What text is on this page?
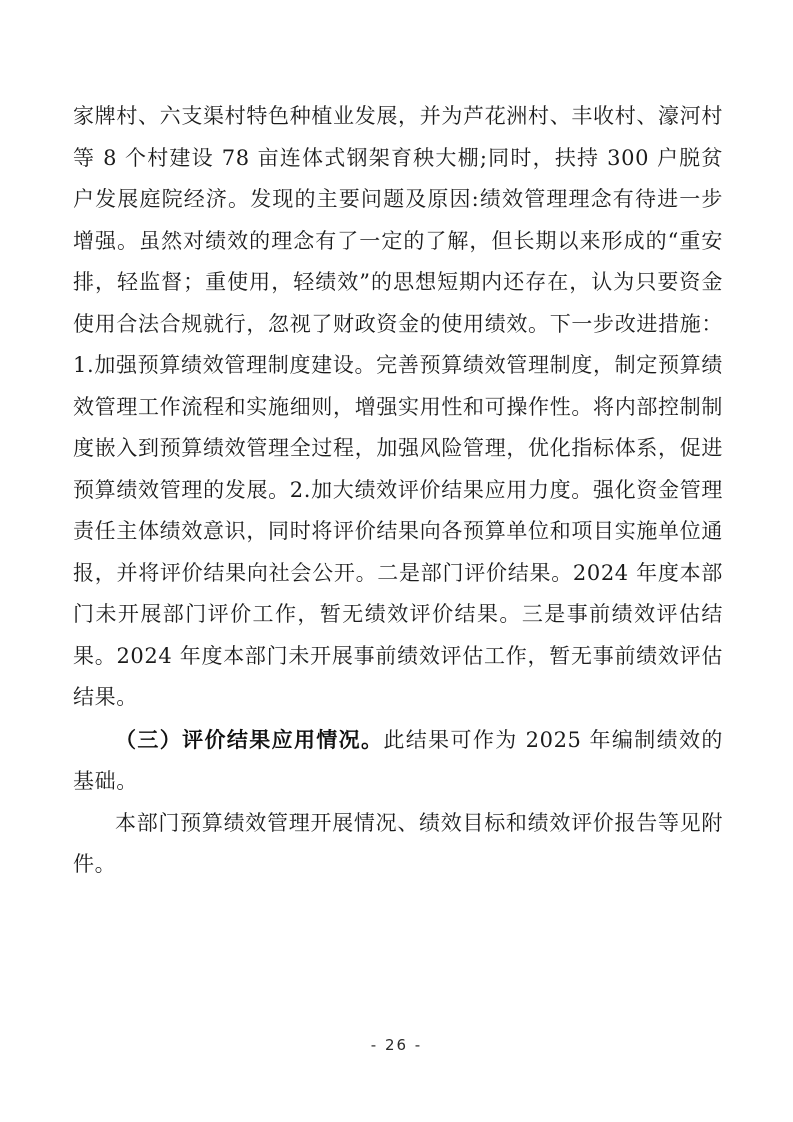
家牌村、六支渠村特色种植业发展，并为芦花洲村、丰收村、濠河村等 8 个村建设 78 亩连体式钢架育秧大棚;同时，扶持 300 户脱贫户发展庭院经济。发现的主要问题及原因:绩效管理理念有待进一步增强。虽然对绩效的理念有了一定的了解，但长期以来形成的“重安排，轻监督；重使用，轻绩效”的思想短期内还存在，认为只要资金使用合法合规就行，忽视了财政资金的使用绩效。下一步改进措施：1.加强预算绩效管理制度建设。完善预算绩效管理制度，制定预算绩效管理工作流程和实施细则，增强实用性和可操作性。将内部控制制度嵌入到预算绩效管理全过程，加强风险管理，优化指标体系，促进预算绩效管理的发展。2.加大绩效评价结果应用力度。强化资金管理责任主体绩效意识，同时将评价结果向各预算单位和项目实施单位通报，并将评价结果向社会公开。二是部门评价结果。2024 年度本部门未开展部门评价工作，暂无绩效评价结果。三是事前绩效评估结果。2024 年度本部门未开展事前绩效评估工作，暂无事前绩效评估结果。

（三）评价结果应用情况。此结果可作为 2025 年编制绩效的基础。

本部门预算绩效管理开展情况、绩效目标和绩效评价报告等见附件。

- 26 -
